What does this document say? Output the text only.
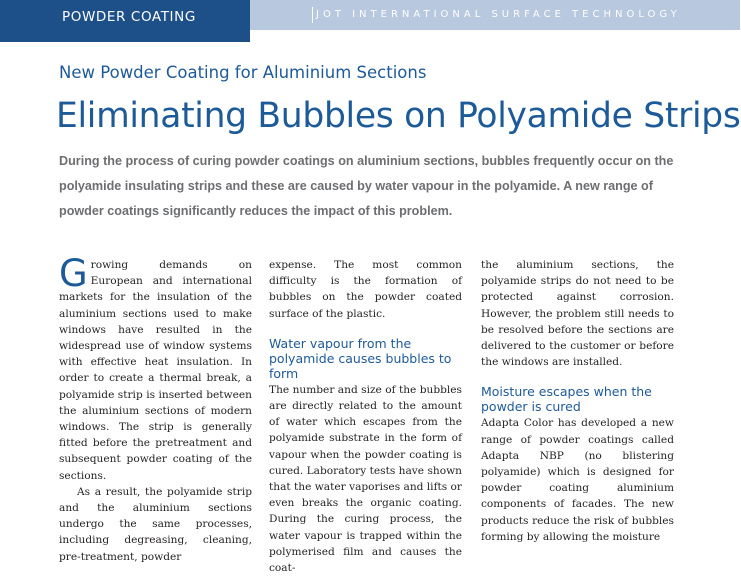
POWDER COATING	JOT INTERNATIONAL SURFACE TECHNOLOGY
New Powder Coating for Aluminium Sections
Eliminating Bubbles on Polyamide Strips
During the process of curing powder coatings on aluminium sections, bubbles frequently occur on the polyamide insulating strips and these are caused by water vapour in the polyamide. A new range of powder coatings significantly reduces the impact of this problem.

Growing demands on European and international markets for the insulation of the aluminium sections used to make windows have resulted in the widespread use of window systems with effective heat insulation. In order to create a thermal break, a polyamide strip is inserted between the aluminium sections of modern windows. The strip is generally fitted before the pretreatment and subsequent powder coating of the sections.

As a result, the polyamide strip and the aluminium sections undergo the same processes, including degreasing, cleaning, pre-treatment, powder

expense. The most common difficulty is the formation of bubbles on the powder coated surface of the plastic.

Water vapour from the polyamide causes bubbles to form

The number and size of the bubbles are directly related to the amount of water which escapes from the polyamide substrate in the form of vapour when the powder coating is cured. Laboratory tests have shown that the water vaporises and lifts or even breaks the organic coating. During the curing process, the water vapour is trapped within the polymerised film and causes the coat-

the aluminium sections, the polyamide strips do not need to be protected against corrosion. However, the problem still needs to be resolved before the sections are delivered to the customer or before the windows are installed.

Moisture escapes when the powder is cured

Adapta Color has developed a new range of powder coatings called Adapta NBP (no blistering polyamide) which is designed for powder coating aluminium components of facades. The new products reduce the risk of bubbles forming by allowing the moisture
